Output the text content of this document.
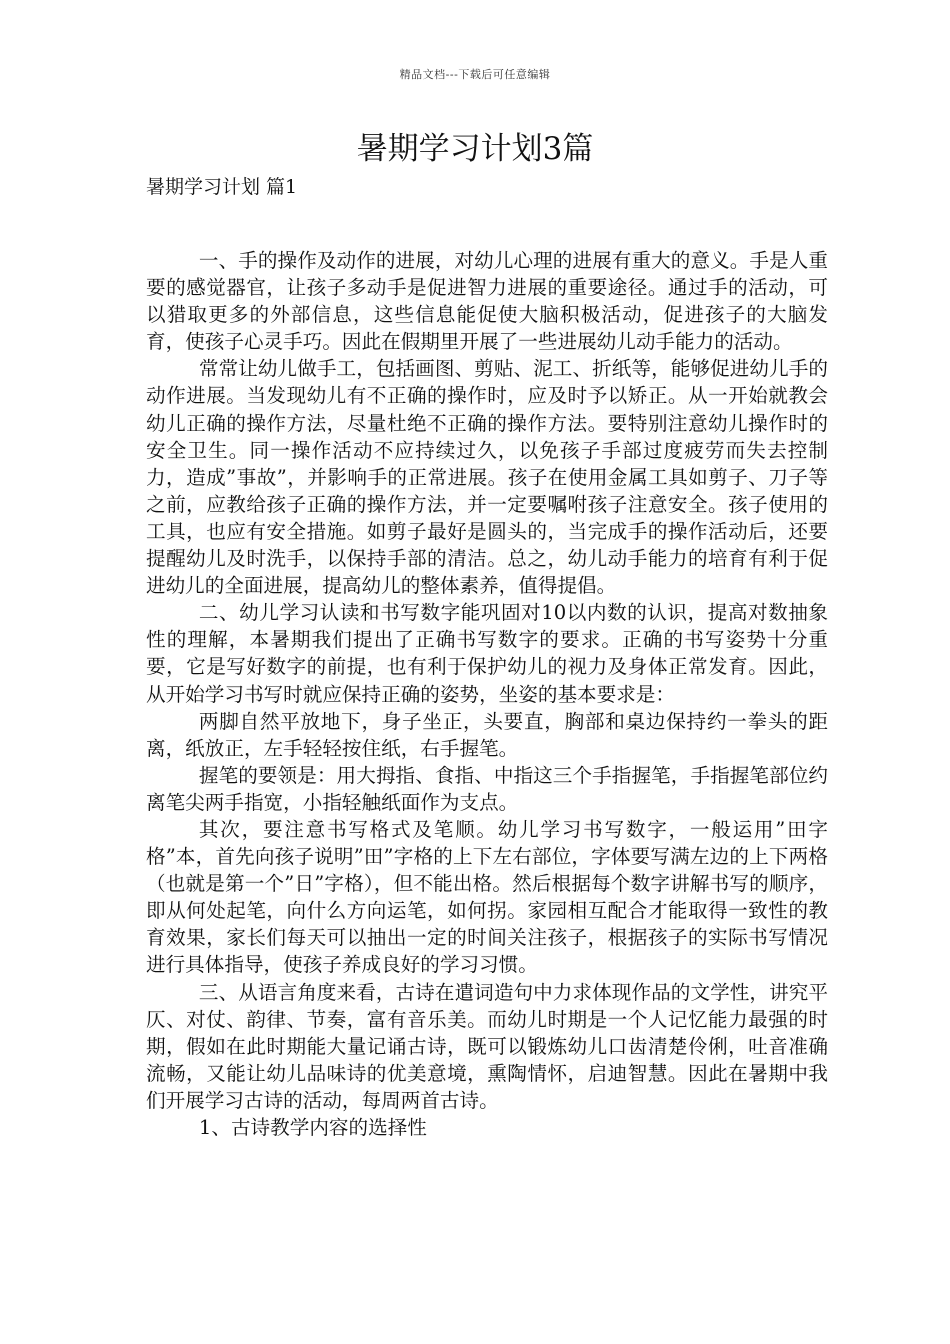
精品文档---下载后可任意编辑
暑期学习计划3篇
暑期学习计划 篇1

一、手的操作及动作的进展，对幼儿心理的进展有重大的意义。手是人重要的感觉器官，让孩子多动手是促进智力进展的重要途径。通过手的活动，可以猎取更多的外部信息，这些信息能促使大脑积极活动，促进孩子的大脑发育，使孩子心灵手巧。因此在假期里开展了一些进展幼儿动手能力的活动。

常常让幼儿做手工，包括画图、剪贴、泥工、折纸等，能够促进幼儿手的动作进展。当发现幼儿有不正确的操作时，应及时予以矫正。从一开始就教会幼儿正确的操作方法，尽量杜绝不正确的操作方法。要特别注意幼儿操作时的安全卫生。同一操作活动不应持续过久，以免孩子手部过度疲劳而失去控制力，造成”事故”，并影响手的正常进展。孩子在使用金属工具如剪子、刀子等之前，应教给孩子正确的操作方法，并一定要嘱咐孩子注意安全。孩子使用的工具，也应有安全措施。如剪子最好是圆头的，当完成手的操作活动后，还要提醒幼儿及时洗手，以保持手部的清洁。总之，幼儿动手能力的培育有利于促进幼儿的全面进展，提高幼儿的整体素养，值得提倡。

二、幼儿学习认读和书写数字能巩固对10以内数的认识，提高对数抽象性的理解，本暑期我们提出了正确书写数字的要求。正确的书写姿势十分重要，它是写好数字的前提，也有利于保护幼儿的视力及身体正常发育。因此，从开始学习书写时就应保持正确的姿势，坐姿的基本要求是：

两脚自然平放地下，身子坐正，头要直，胸部和桌边保持约一拳头的距离，纸放正，左手轻轻按住纸，右手握笔。

握笔的要领是：用大拇指、食指、中指这三个手指握笔，手指握笔部位约离笔尖两手指宽，小指轻触纸面作为支点。

其次，要注意书写格式及笔顺。幼儿学习书写数字，一般运用”田字格”本，首先向孩子说明”田”字格的上下左右部位，字体要写满左边的上下两格（也就是第一个”日”字格），但不能出格。然后根据每个数字讲解书写的顺序，即从何处起笔，向什么方向运笔，如何拐。家园相互配合才能取得一致性的教育效果，家长们每天可以抽出一定的时间关注孩子，根据孩子的实际书写情况进行具体指导，使孩子养成良好的学习习惯。

三、从语言角度来看，古诗在遣词造句中力求体现作品的文学性，讲究平仄、对仗、韵律、节奏，富有音乐美。而幼儿时期是一个人记忆能力最强的时期，假如在此时期能大量记诵古诗，既可以锻炼幼儿口齿清楚伶俐，吐音准确流畅，又能让幼儿品味诗的优美意境，熏陶情怀，启迪智慧。因此在暑期中我们开展学习古诗的活动，每周两首古诗。

1、古诗教学内容的选择性
